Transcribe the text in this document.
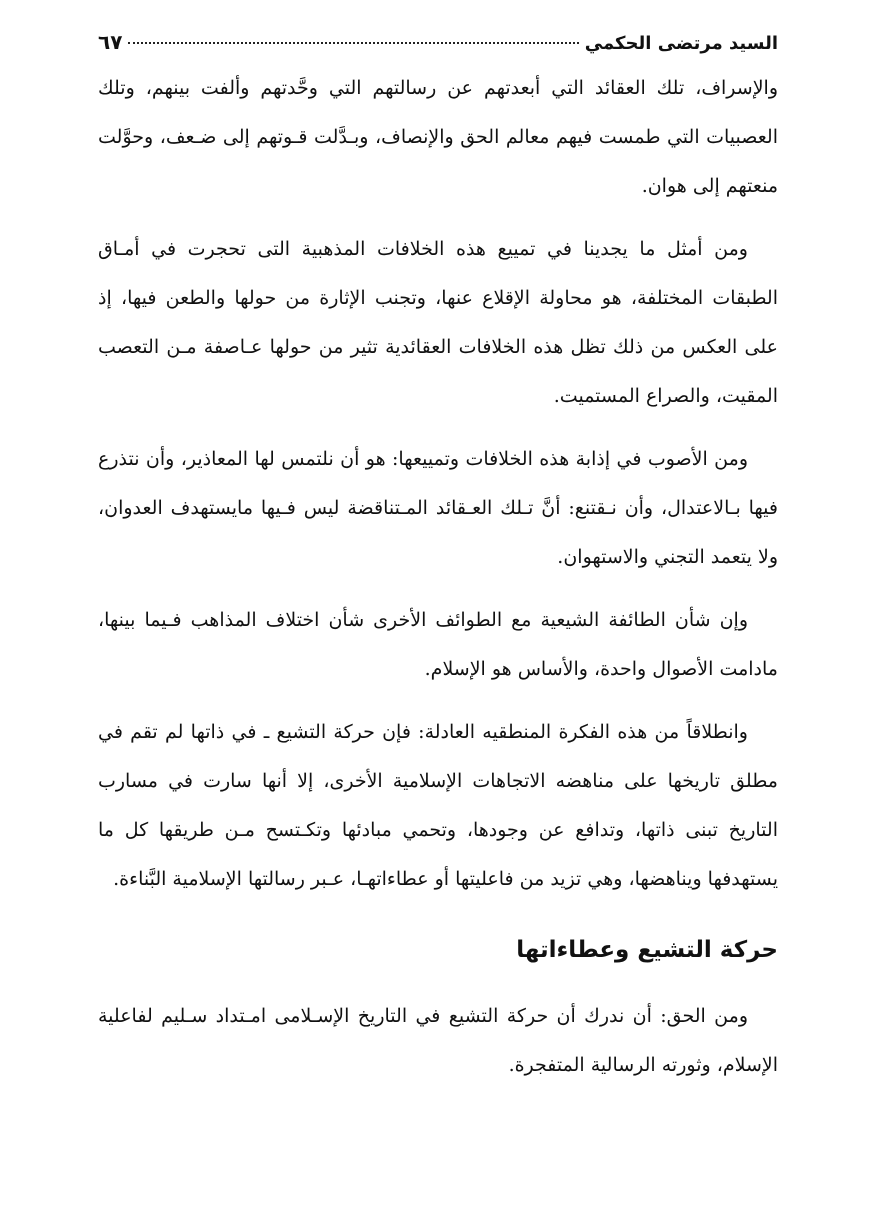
السيد مرتضى الحكمي
٦٧

والإسراف، تلك العقائد التي أبعدتهم عن رسالتهم التي وحَّدتهم وألفت بينهم، وتلك العصبيات التي طمست فيهم معالم الحق والإنصاف، وبـدَّلت قـوتهم إلى ضـعف، وحوَّلت منعتهم إلى هوان.

ومن أمثل ما يجدينا في تمييع هذه الخلافات المذهبية التى تحجرت في أمـاق الطبقات المختلفة، هو محاولة الإقلاع عنها، وتجنب الإثارة من حولها والطعن فيها، إذ على العكس من ذلك تظل هذه الخلافات العقائدية تثير من حولها عـاصفة مـن التعصب المقيت، والصراع المستميت.

ومن الأصوب في إذابة هذه الخلافات وتمييعها: هو أن نلتمس لها المعاذير، وأن نتذرع فيها بـالاعتدال، وأن نـقتنع: أنَّ تـلك العـقائد المـتناقضة ليس فـيها مايستهدف العدوان، ولا يتعمد التجني والاستهوان.

وإن شأن الطائفة الشيعية مع الطوائف الأخرى شأن اختلاف المذاهب فـيما بينها، مادامت الأصوال واحدة، والأساس هو الإسلام.

وانطلاقاً من هذه الفكرة المنطقيه العادلة: فإن حركة التشيع ـ في ذاتها لم تقم في مطلق تاريخها على مناهضه الاتجاهات الإسلامية الأخرى، إلا أنها سارت في مسارب التاريخ تبنى ذاتها، وتدافع عن وجودها، وتحمي مبادئها وتكـتسح مـن طريقها كل ما يستهدفها ويناهضها، وهي تزيد من فاعليتها أو عطاءاتهـا، عـبر رسالتها الإسلامية البَّناءة.

حركة التشيع وعطاءاتها

ومن الحق: أن ندرك أن حركة التشيع في التاريخ الإسـلامى امـتداد سـليم لفاعلية الإسلام، وثورته الرسالية المتفجرة.
